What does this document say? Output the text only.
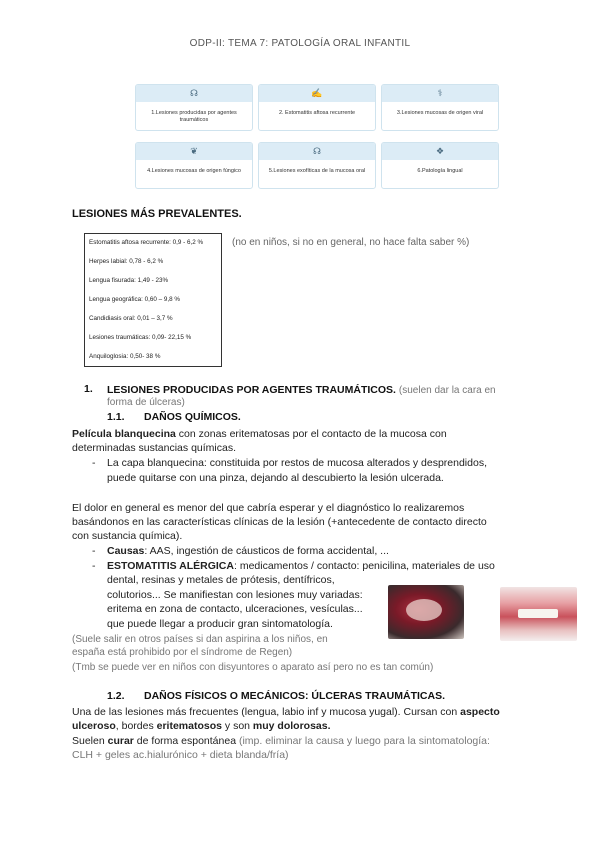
ODP-II: TEMA 7: PATOLOGÍA ORAL INFANTIL
☊
1.Lesiones producidas por agentes traumáticos
✍
2. Estomatitis aftosa recurrente
⚕
3.Lesiones mucosas de origen viral
❦
4.Lesiones mucosas de origen fúngico
☊
5.Lesiones exofíticas de la mucosa oral
❖
6.Patología lingual
LESIONES MÁS PREVALENTES.
Estomatitis aftosa recurrente: 0,9 - 6,2 %
Herpes labial: 0,78 - 6,2 %
Lengua fisurada: 1,49 - 23%
Lengua geográfica: 0,60 – 9,8 %
Candidiasis oral: 0,01 – 3,7 %
Lesiones traumáticas: 0,09- 22,15 %
Anquiloglosia: 0,50- 38 %
(no en niños, si no en general, no hace falta saber %)
1. LESIONES PRODUCIDAS POR AGENTES TRAUMÁTICOS. (suelen dar la cara en
forma de úlceras)
1.1. DAÑOS QUÍMICOS.
Película blanquecina con zonas eritematosas por el contacto de la mucosa con
determinadas sustancias químicas.
- La capa blanquecina: constituida por restos de mucosa alterados y desprendidos,
puede quitarse con una pinza, dejando al descubierto la lesión ulcerada.
El dolor en general es menor del que cabría esperar y el diagnóstico lo realizaremos
basándonos en las características clínicas de la lesión (+antecedente de contacto directo
con sustancia química).
- Causas: AAS, ingestión de cáusticos de forma accidental, ...
- ESTOMATITIS ALÉRGICA: medicamentos / contacto: penicilina, materiales de uso
dental, resinas y metales de prótesis, dentífricos,
colutorios... Se manifiestan con lesiones muy variadas:
eritema en zona de contacto, ulceraciones, vesículas...
que puede llegar a producir gran sintomatología.
(Suele salir en otros países si dan aspirina a los niños, en
españa está prohibido por el síndrome de Regen)
(Tmb se puede ver en niños con disyuntores o aparato así pero no es tan común)
1.2. DAÑOS FÍSICOS O MECÁNICOS: ÚLCERAS TRAUMÁTICAS.
Una de las lesiones más frecuentes (lengua, labio inf y mucosa yugal). Cursan con aspecto
ulceroso, bordes eritematosos y son muy dolorosas.
Suelen curar de forma espontánea (imp. eliminar la causa y luego para la sintomatología:
CLH + geles ac.hialurónico + dieta blanda/fría)
